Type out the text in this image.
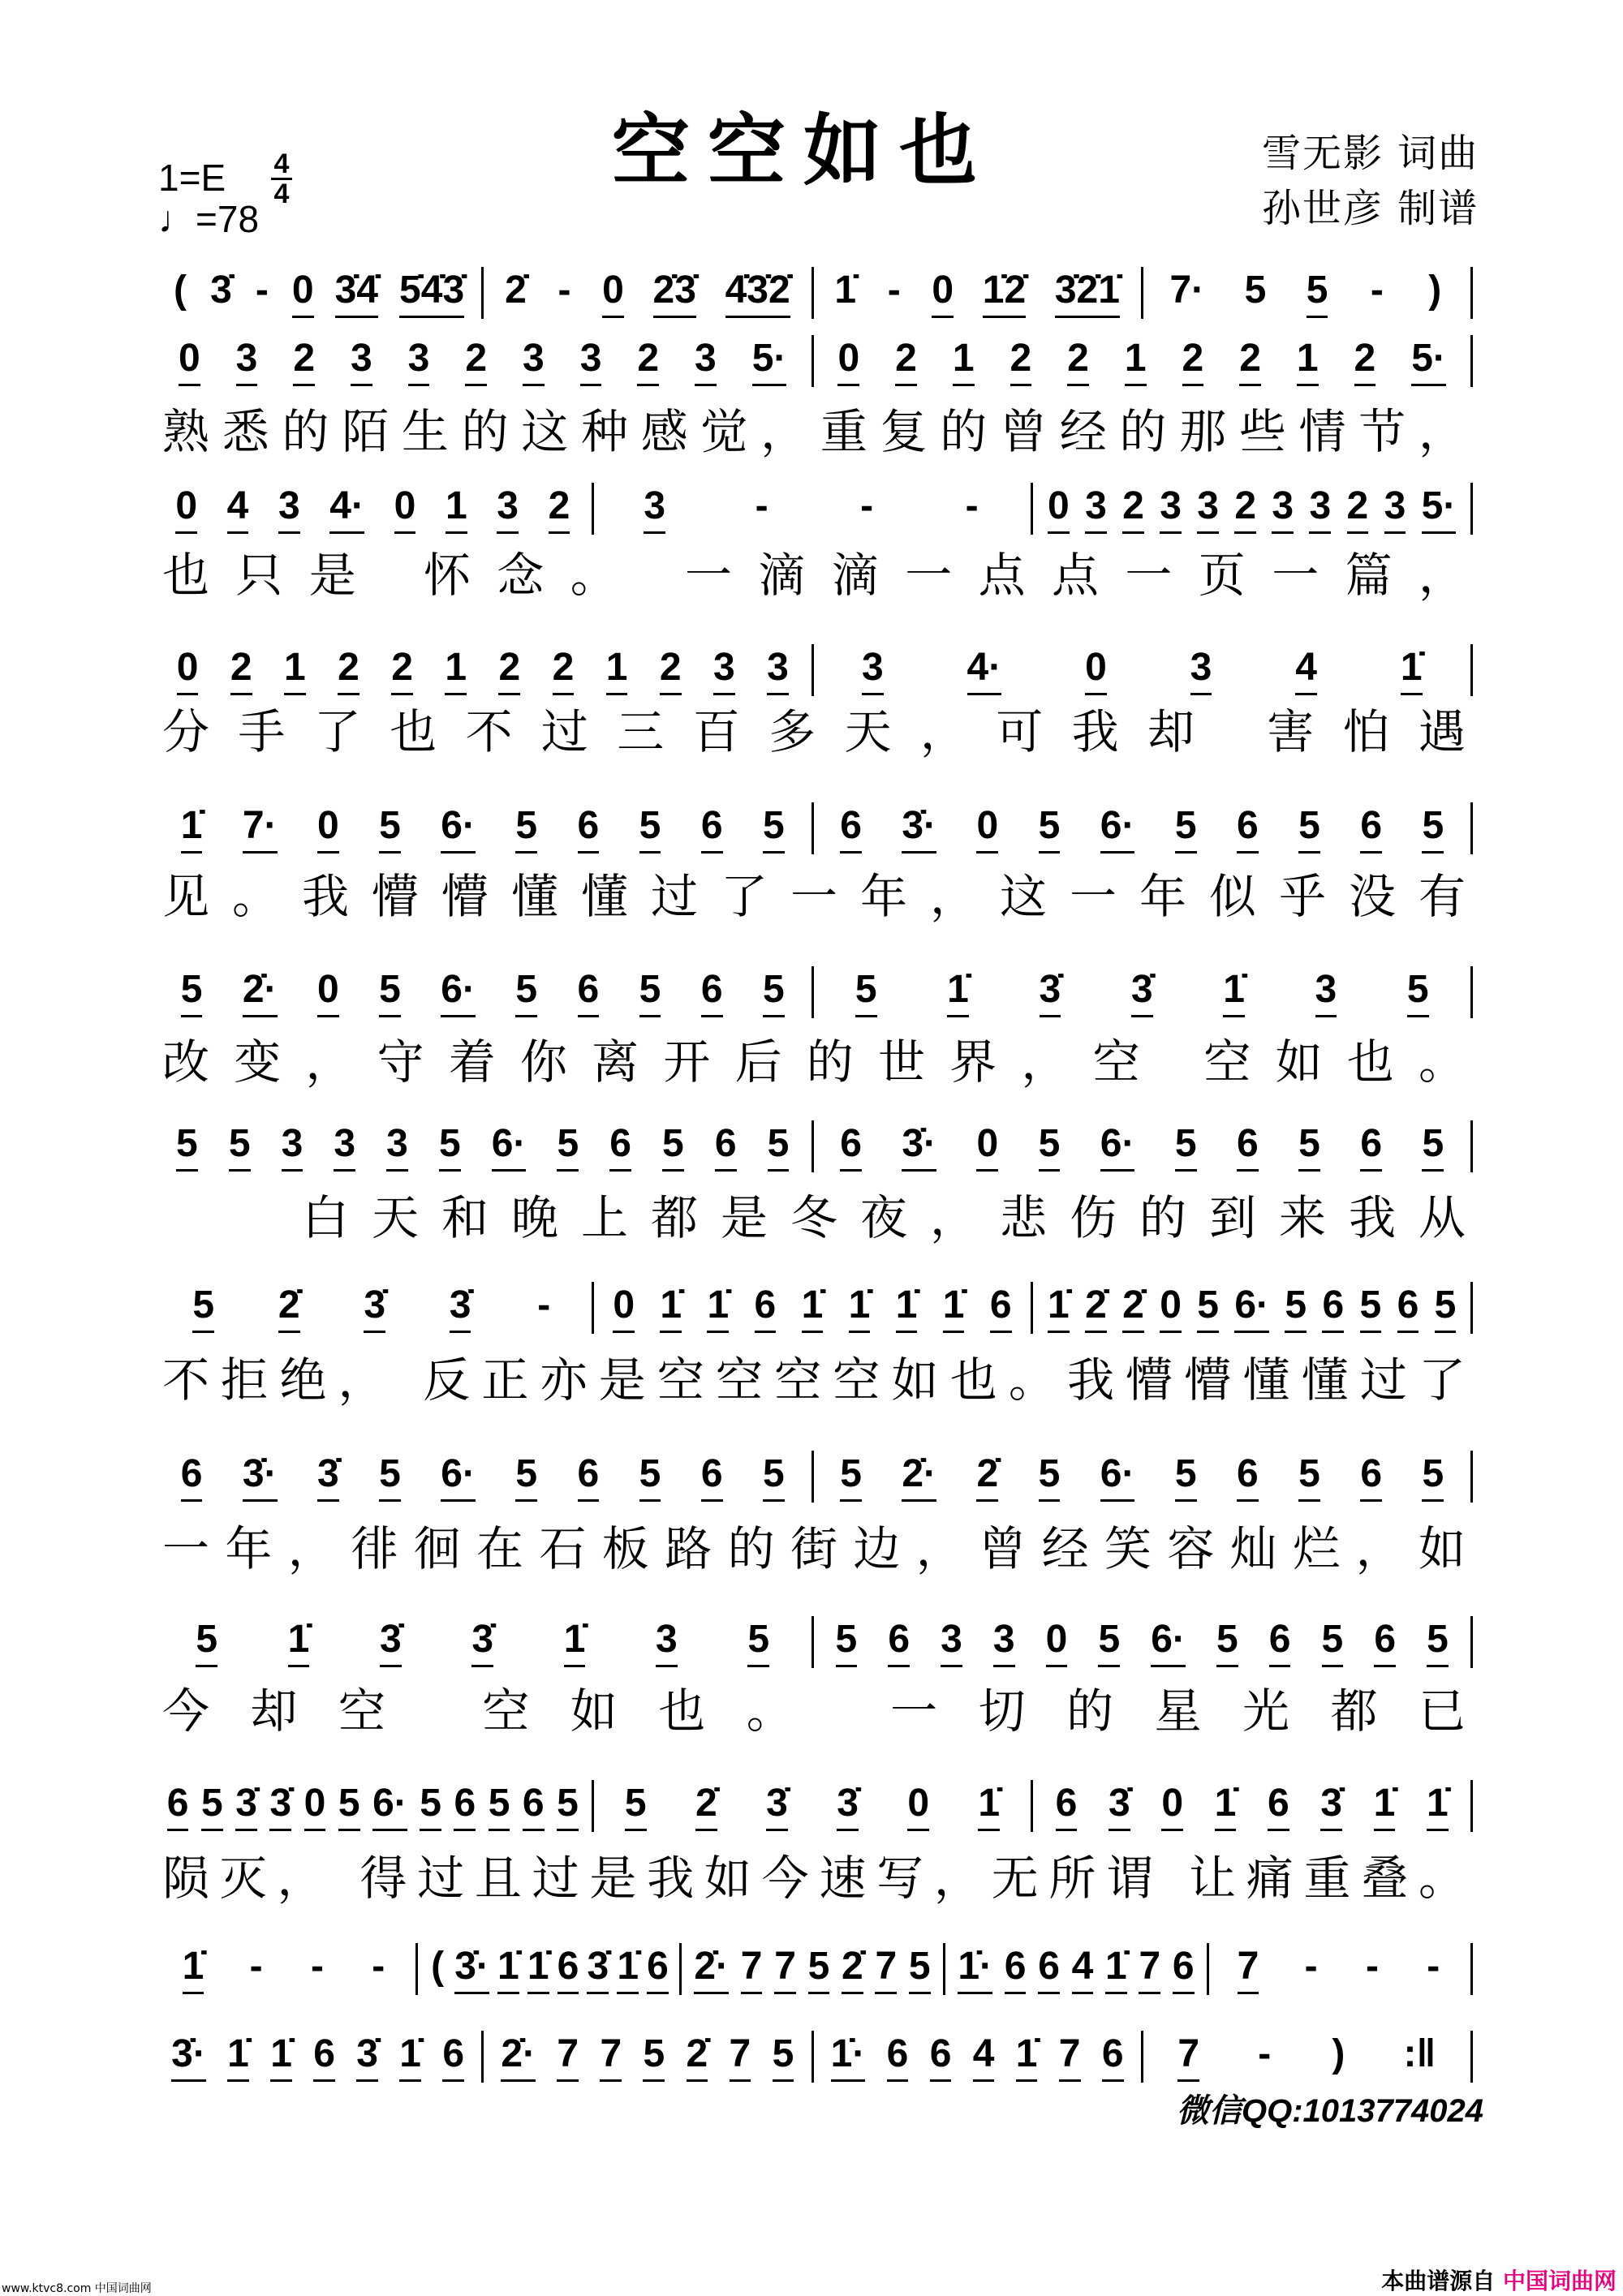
空空如也	雪无影 词曲
孙世彦 制谱
1=E
♩=78
4
4
( 3̇ - 0 3̇4̇ 5̇4̇3̇ 2̇ - 0 2̇3̇ 4̇3̇2̇ 1̇ - 0 1̇2̇ 3̇2̇1̇ 7· 5 5 - )
0 3 2 3 3 2 3 3 2 3 5· 0 2 1 2 2 1 2 2 1 2 5·
熟悉的陌生的这种感觉，重复的曾经的那些情节，
0 4 3 4· 0 1 3 2 3 - - - 0 3 2 3 3 2 3 3 2 3 5·
也只是 怀念。 一滴滴一点点一页一篇，
0 2 1 2 2 1 2 2 1 2 3 3 3 4· 0 3 4 1̇
分手了也不过三百多天，可我却 害怕遇
1̇ 7· 0 5 6· 5 6 5 6 5 6 3̇· 0 5 6· 5 6 5 6 5
见。我懵懵懂懂过了一年，这一年似乎没有
5 2̇· 0 5 6· 5 6 5 6 5 5 1̇ 3̇ 3̇ 1̇ 3 5
改变，守着你离开后的世界，空 空如也。
5 5 3 3 3 5 6· 5 6 5 6 5 6 3̇· 0 5 6· 5 6 5 6 5
　　白天和晚上都是冬夜，悲伤的到来我从
5 2̇ 3̇ 3̇ - 0 1̇ 1̇ 6 1̇ 1̇ 1̇ 1̇ 6 1̇ 2̇ 2̇ 0 5 6· 5 6 5 6 5
不拒绝， 反正亦是空空空空如也。我懵懵懂懂过了
6 3̇· 3̇ 5 6· 5 6 5 6 5 5 2̇· 2̇ 5 6· 5 6 5 6 5
一年，徘徊在石板路的街边，曾经笑容灿烂，如
5 1̇ 3̇ 3̇ 1̇ 3 5 5 6 3 3 0 5 6· 5 6 5 6 5
今却空 空如也。 一切的星光都已
6 5 3̇ 3̇ 0 5 6· 5 6 5 6 5 5 2̇ 3̇ 3̇ 0 1̇ 6 3̇ 0 1̇ 6 3̇ 1̇ 1̇
陨灭， 得过且过是我如今速写，无所谓 让痛重叠。
1̇ - - - ( 3̇· 1̇ 1̇ 6 3̇ 1̇ 6 2̇· 7 7 5 2̇ 7 5 1̇· 6 6 4 1̇ 7 6 7 - - -
3̇· 1̇ 1̇ 6 3̇ 1̇ 6 2̇· 7 7 5 2̇ 7 5 1̇· 6 6 4 1̇ 7 6 7 - ) :‖
微信QQ:1013774024
www.ktvc8.com 中国词曲网	本曲谱源自 中国词曲网
